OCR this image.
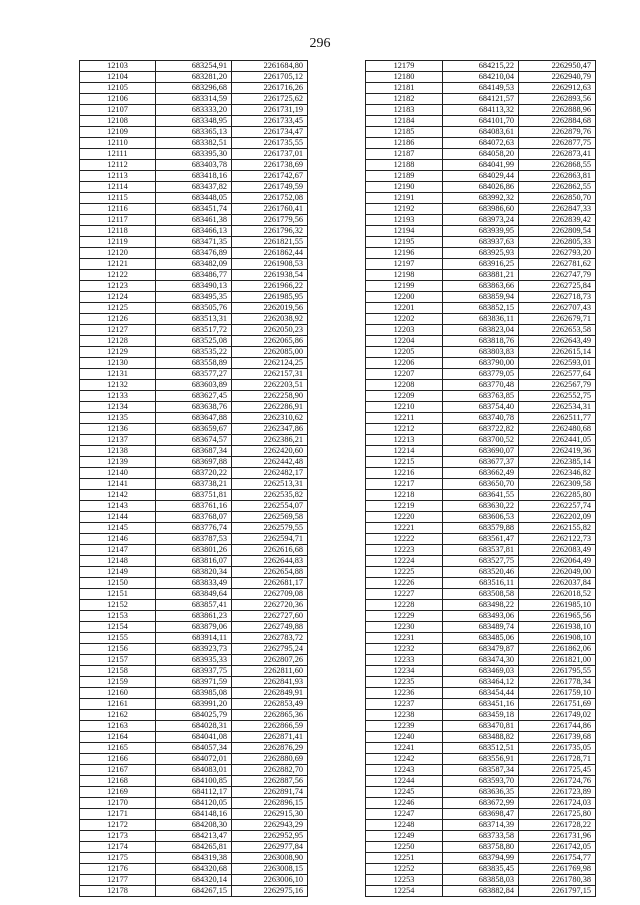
296
12103	683254,91	2261684,80
12104	683281,20	2261705,12
12105	683296,68	2261716,26
12106	683314,59	2261725,62
12107	683333,20	2261731,19
12108	683348,95	2261733,45
12109	683365,13	2261734,47
12110	683382,51	2261735,55
12111	683395,30	2261737,01
12112	683403,78	2261738,69
12113	683418,16	2261742,67
12114	683437,82	2261749,59
12115	683448,05	2261752,08
12116	683451,74	2261760,41
12117	683461,38	2261779,56
12118	683466,13	2261796,32
12119	683471,35	2261821,55
12120	683476,89	2261862,44
12121	683482,09	2261908,53
12122	683486,77	2261938,54
12123	683490,13	2261966,22
12124	683495,35	2261985,95
12125	683505,76	2262019,56
12126	683513,31	2262038,92
12127	683517,72	2262050,23
12128	683525,08	2262065,86
12129	683535,22	2262085,00
12130	683558,89	2262124,25
12131	683577,27	2262157,31
12132	683603,89	2262203,51
12133	683627,45	2262258,90
12134	683638,76	2262286,91
12135	683647,88	2262310,62
12136	683659,67	2262347,86
12137	683674,57	2262386,21
12138	683687,34	2262420,60
12139	683697,88	2262442,48
12140	683720,22	2262482,17
12141	683738,21	2262513,31
12142	683751,81	2262535,82
12143	683761,16	2262554,07
12144	683768,07	2262569,58
12145	683776,74	2262579,55
12146	683787,53	2262594,71
12147	683801,26	2262616,68
12148	683816,07	2262644,83
12149	683820,34	2262654,88
12150	683833,49	2262681,17
12151	683849,64	2262709,08
12152	683857,41	2262720,36
12153	683861,23	2262727,60
12154	683879,06	2262749,88
12155	683914,11	2262783,72
12156	683923,73	2262795,24
12157	683935,33	2262807,26
12158	683937,75	2262811,60
12159	683971,59	2262841,93
12160	683985,08	2262849,91
12161	683991,20	2262853,49
12162	684025,79	2262865,36
12163	684028,31	2262866,59
12164	684041,08	2262871,41
12165	684057,34	2262876,29
12166	684072,01	2262880,69
12167	684083,01	2262882,70
12168	684100,85	2262887,56
12169	684112,17	2262891,74
12170	684120,05	2262896,15
12171	684148,16	2262915,30
12172	684208,30	2262943,29
12173	684213,47	2262952,95
12174	684265,81	2262977,84
12175	684319,38	2263008,90
12176	684320,68	2263008,15
12177	684320,14	2263006,10
12178	684267,15	2262975,16
12179	684215,22	2262950,47
12180	684210,04	2262940,79
12181	684149,53	2262912,63
12182	684121,57	2262893,56
12183	684113,32	2262888,96
12184	684101,70	2262884,68
12185	684083,61	2262879,76
12186	684072,63	2262877,75
12187	684058,20	2262873,41
12188	684041,99	2262868,55
12189	684029,44	2262863,81
12190	684026,86	2262862,55
12191	683992,32	2262850,70
12192	683986,60	2262847,33
12193	683973,24	2262839,42
12194	683939,95	2262809,54
12195	683937,63	2262805,33
12196	683925,93	2262793,20
12197	683916,25	2262781,62
12198	683881,21	2262747,79
12199	683863,66	2262725,84
12200	683859,94	2262718,73
12201	683852,15	2262707,43
12202	683836,11	2262679,71
12203	683823,04	2262653,58
12204	683818,76	2262643,49
12205	683803,83	2262615,14
12206	683790,00	2262593,01
12207	683779,05	2262577,64
12208	683770,48	2262567,79
12209	683763,85	2262552,75
12210	683754,40	2262534,31
12211	683740,78	2262511,77
12212	683722,82	2262480,68
12213	683700,52	2262441,05
12214	683690,07	2262419,36
12215	683677,37	2262385,14
12216	683662,49	2262346,82
12217	683650,70	2262309,58
12218	683641,55	2262285,80
12219	683630,22	2262257,74
12220	683606,53	2262202,09
12221	683579,88	2262155,82
12222	683561,47	2262122,73
12223	683537,81	2262083,49
12224	683527,75	2262064,49
12225	683520,46	2262049,00
12226	683516,11	2262037,84
12227	683508,58	2262018,52
12228	683498,22	2261985,10
12229	683493,06	2261965,56
12230	683489,74	2261938,10
12231	683485,06	2261908,10
12232	683479,87	2261862,06
12233	683474,30	2261821,00
12234	683469,03	2261795,55
12235	683464,12	2261778,34
12236	683454,44	2261759,10
12237	683451,16	2261751,69
12238	683459,18	2261749,02
12239	683470,81	2261744,86
12240	683488,82	2261739,68
12241	683512,51	2261735,05
12242	683556,91	2261728,71
12243	683587,34	2261725,45
12244	683593,70	2261724,76
12245	683636,35	2261723,89
12246	683672,99	2261724,03
12247	683698,47	2261725,80
12248	683714,39	2261728,22
12249	683733,58	2261731,96
12250	683758,80	2261742,05
12251	683794,99	2261754,77
12252	683835,45	2261769,98
12253	683858,03	2261780,38
12254	683882,84	2261797,15
